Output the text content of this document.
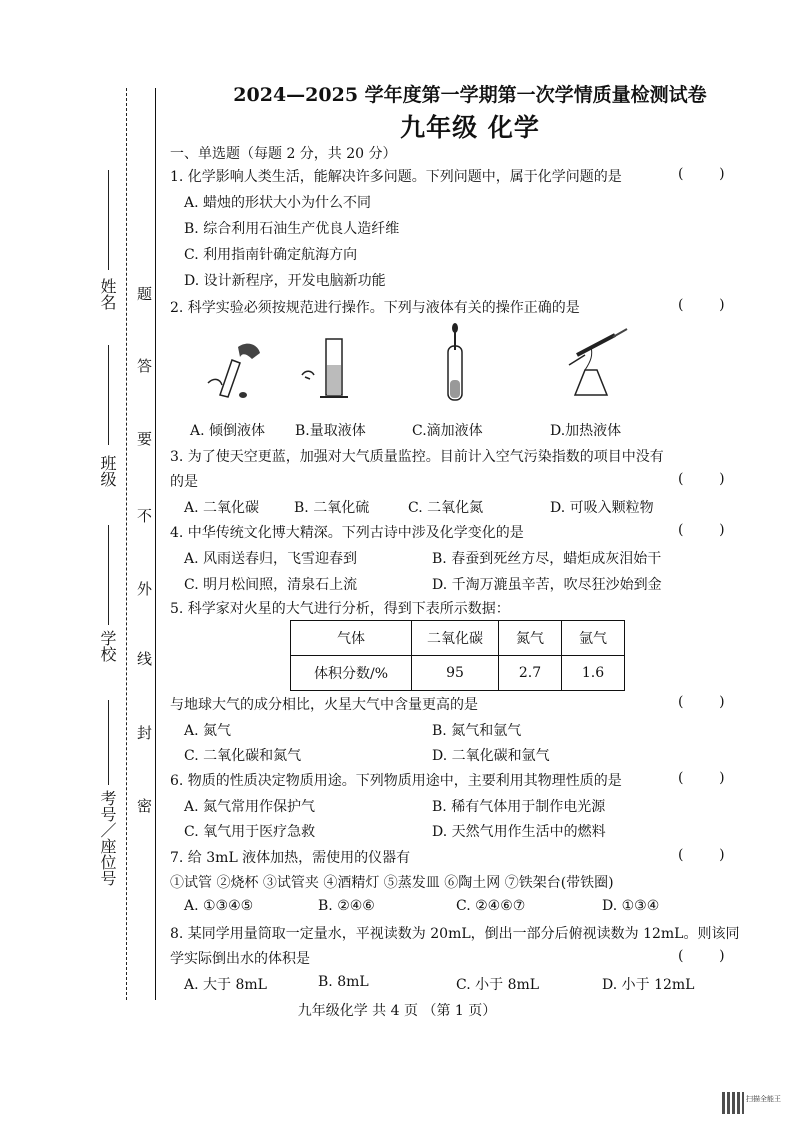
姓名
班级
学校
考号／座位号
题
答
要
不
外
线
封
密
2024—2025 学年度第一学期第一次学情质量检测试卷
九年级 化学
一、单选题（每题 2 分，共 20 分）
1. 化学影响人类生活，能解决许多问题。下列问题中，属于化学问题的是	(        )
A. 蜡烛的形状大小为什么不同
B. 综合利用石油生产优良人造纤维
C. 利用指南针确定航海方向
D. 设计新程序，开发电脑新功能
2. 科学实验必须按规范进行操作。下列与液体有关的操作正确的是	(        )
A. 倾倒液体 B.量取液体	C.滴加液体	D.加热液体
3. 为了使天空更蓝，加强对大气质量监控。目前计入空气污染指数的项目中没有
的是	(        )
A. 二氧化碳 B. 二氧化硫	C. 二氧化氮	D. 可吸入颗粒物
4. 中华传统文化博大精深。下列古诗中涉及化学变化的是	(        )
A. 风雨送春归，飞雪迎春到	B. 春蚕到死丝方尽，蜡炬成灰泪始干
C. 明月松间照，清泉石上流	D. 千淘万漉虽辛苦，吹尽狂沙始到金
5. 科学家对火星的大气进行分析，得到下表所示数据：
气体	二氧化碳	氮气	氩气
体积分数/%	95	2.7	1.6
与地球大气的成分相比，火星大气中含量更高的是	(        )
A. 氮气	B. 氮气和氩气
C. 二氧化碳和氮气	D. 二氧化碳和氩气
6. 物质的性质决定物质用途。下列物质用途中，主要利用其物理性质的是	(        )
A. 氮气常用作保护气	B. 稀有气体用于制作电光源
C. 氧气用于医疗急救	D. 天然气用作生活中的燃料
7. 给 3mL 液体加热，需使用的仪器有	(        )
①试管 ②烧杯 ③试管夹 ④酒精灯 ⑤蒸发皿 ⑥陶土网 ⑦铁架台(带铁圈)
A. ①③④⑤	B. ②④⑥	C. ②④⑥⑦	D. ①③④
8. 某同学用量筒取一定量水，平视读数为 20mL，倒出一部分后俯视读数为 12mL。则该同
学实际倒出水的体积是	(        )
A. 大于 8mL	B. 8mL	C. 小于 8mL	D. 小于 12mL
九年级化学 共 4 页 （第 1 页）
扫描全能王
